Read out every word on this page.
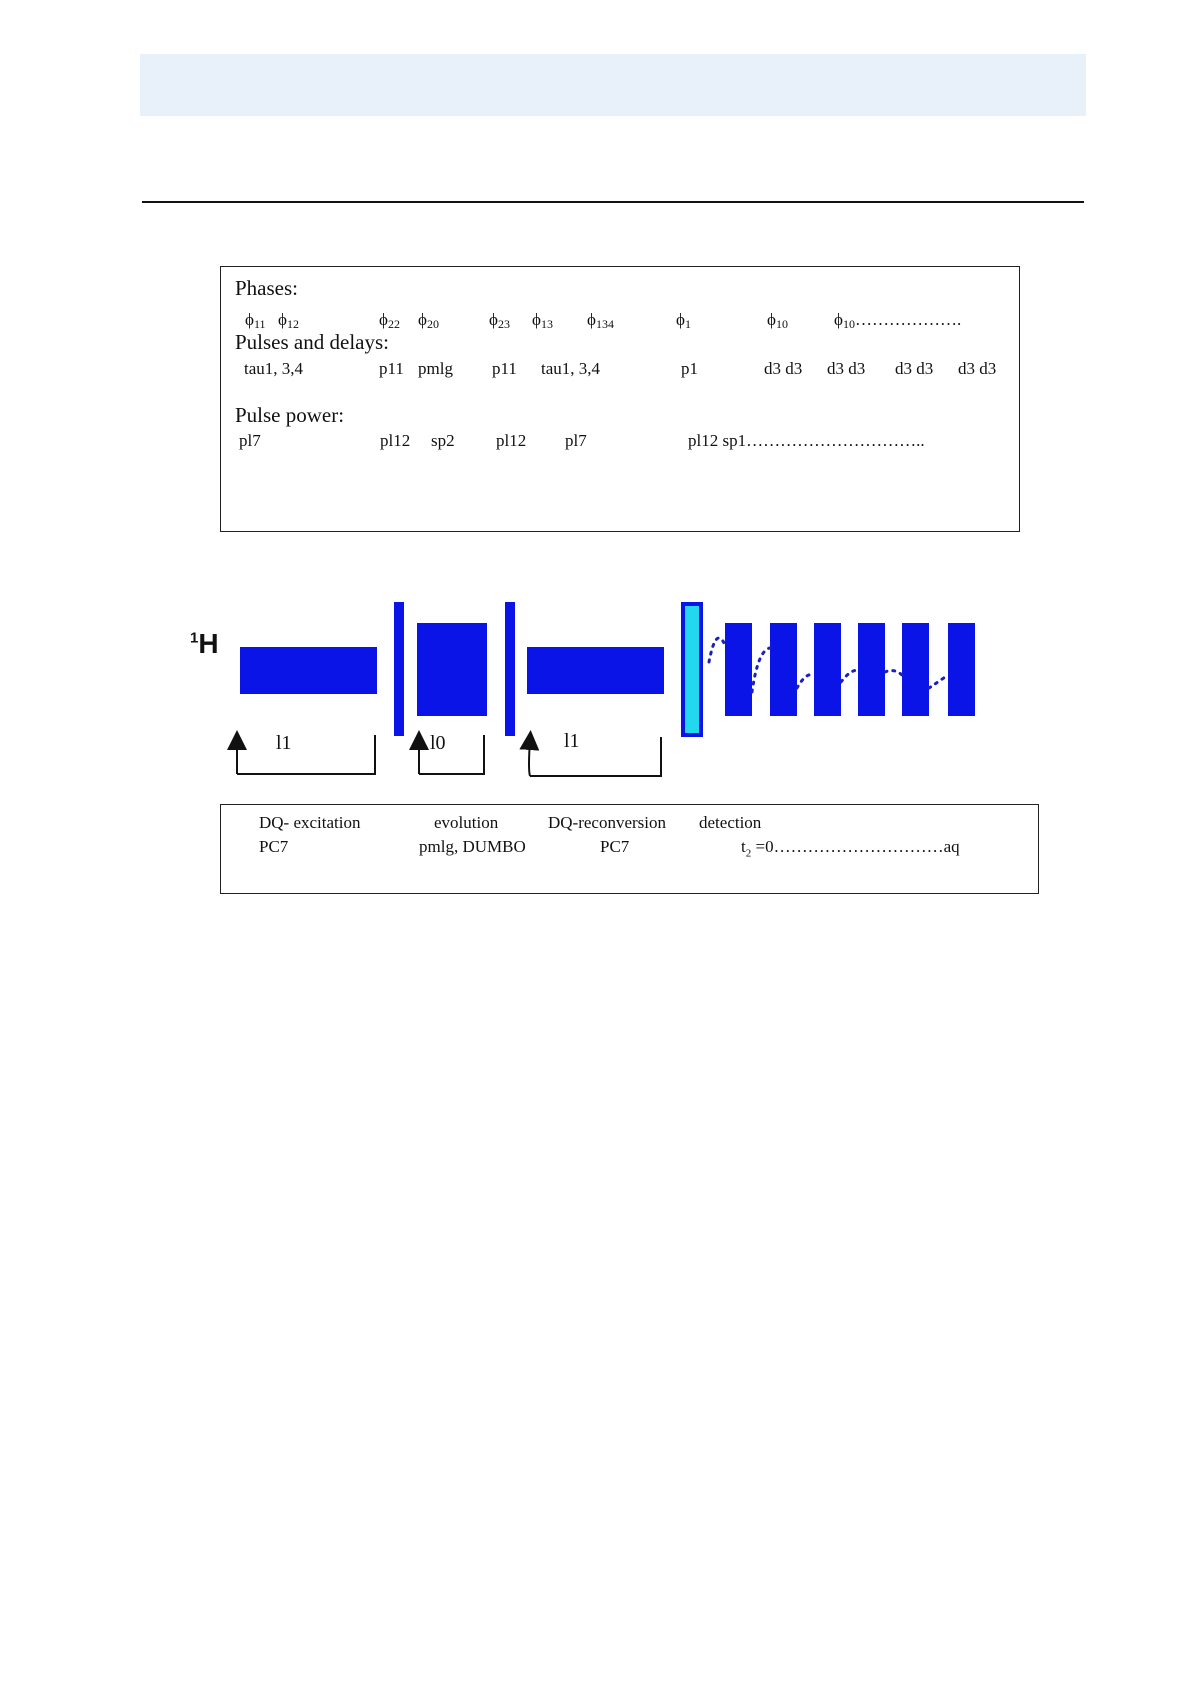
Phases:
$\phi_{11}$ $\phi_{12}$	$\phi_{22}$ $\phi_{20}$	$\phi_{23}$ $\phi_{13}$ $\phi_{134}$	$\phi_1$	$\phi_{10}$	$\phi_{10}\dots\dots\dots\dots\dots\dots$.
Pulses and delays:
tau1, 3,4	p11 pmlg p11 tau1, 3,4	p1	d3 d3 d3 d3 d3 d3 d3 d3
Pulse power:
pl7	pl12 sp2 pl12 pl7	pl12 sp1…………………………..
$^1$H
l1	l0	l1
DQ- excitation	evolution	DQ-reconversion detection
PC7	pmlg, DUMBO	PC7	$t_2$ =0…………………………aq
